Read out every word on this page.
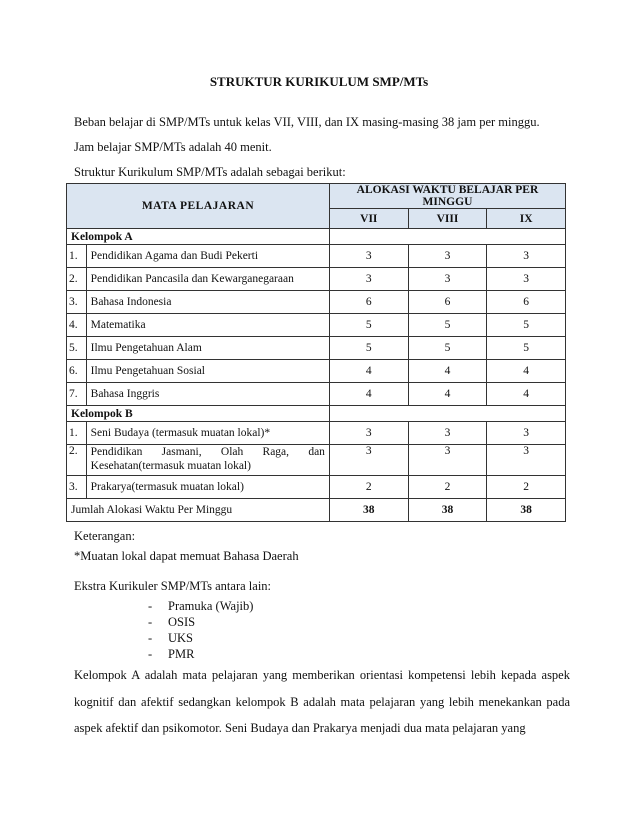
STRUKTUR KURIKULUM SMP/MTs
Beban belajar di SMP/MTs untuk kelas VII, VIII, dan IX masing-masing 38 jam per minggu.
Jam belajar SMP/MTs adalah 40 menit.
Struktur Kurikulum SMP/MTs adalah sebagai berikut:
MATA PELAJARAN		ALOKASI WAKTU BELAJAR PER MINGGU		
		VII	VIII	IX
Kelompok A				
1.	Pendidikan Agama dan Budi Pekerti	3	3	3
2.	Pendidikan Pancasila dan Kewarganegaraan	3	3	3
3.	Bahasa Indonesia	6	6	6
4.	Matematika	5	5	5
5.	Ilmu Pengetahuan Alam	5	5	5
6.	Ilmu Pengetahuan Sosial	4	4	4
7.	Bahasa Inggris	4	4	4
Kelompok B				
1.	Seni Budaya (termasuk muatan lokal)*	3	3	3
2.	Pendidikan Jasmani, Olah Raga, dan Kesehatan(termasuk muatan lokal)	3	3	3
3.	Prakarya(termasuk muatan lokal)	2	2	2
Jumlah Alokasi Waktu Per Minggu		38	38	38
Keterangan:
*Muatan lokal dapat memuat Bahasa Daerah
Ekstra Kurikuler SMP/MTs antara lain:
-	Pramuka (Wajib)
-	OSIS
-	UKS
-	PMR
Kelompok A adalah mata pelajaran yang memberikan orientasi kompetensi lebih kepada aspek kognitif dan afektif sedangkan kelompok B adalah mata pelajaran yang lebih menekankan pada aspek afektif dan psikomotor. Seni Budaya dan Prakarya menjadi dua mata pelajaran yang
